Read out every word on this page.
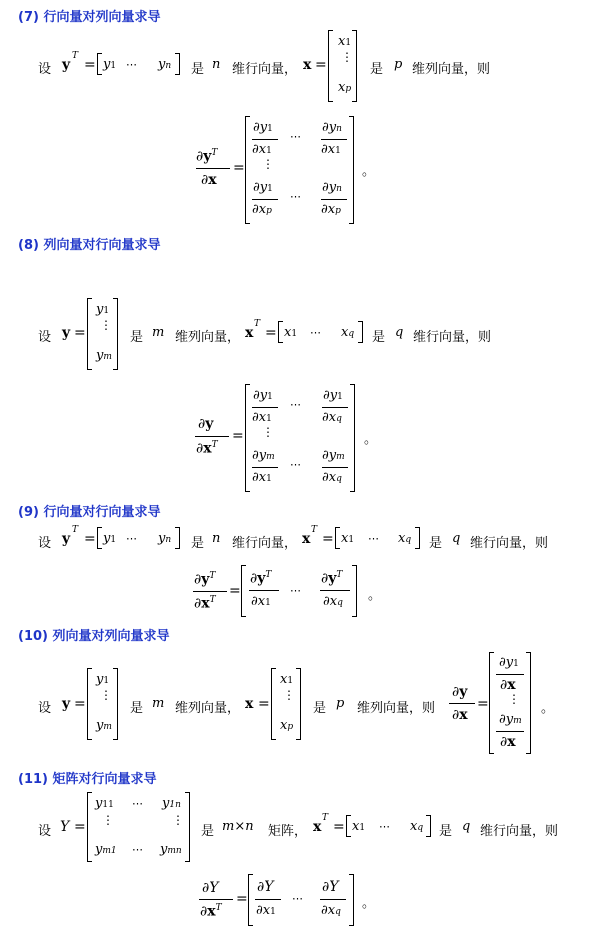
(7) 行向量对列向量求导
设 y
T
= y1 ⋯ yn 是 n 维行向量， x =
x1
⋮
xp
是 p 维列向量，则
$\partial y^T$
∂x
=
∂y1
∂x1
⋯
∂yn
∂x1
⋮
∂y1
∂xp
⋯
∂yn
∂xp
。
(8) 列向量对行向量求导
设 y =
y1
⋮
ym
是 m 维列向量， x
T
= x1 ⋯ xq 是 q 维行向量，则
∂y
$\partial x^T$
=
∂y1
∂x1
⋯
∂y1
∂xq
⋮
∂ym
∂x1
⋯
∂ym
∂xq
。
(9) 行向量对行向量求导
设 y
T
= y1 ⋯ yn 是 n 维行向量， x
T
= x1 ⋯ xq 是 q 维行向量，则
$\partial y^T$
$\partial x^T$
=
$\partial y^T$
∂x1
⋯
$\partial y^T$
∂xq 。
(10) 列向量对列向量求导
设 y =
y1
⋮
ym
是 m 维列向量， x =
x1
⋮
xp
是 p 维列向量，则
∂y
∂x
=
∂y1
∂x
⋮
∂ym
∂x
。
(11) 矩阵对行向量求导
设 Y =
y11 ⋯ y1n
⋮	⋮
ym1 ⋯ ymn
是 m×n 矩阵， x
T
= x1 ⋯ xq 是 q 维行向量，则
∂Y
$\partial x^T$
=
∂Y
∂x1
⋯
∂Y
∂xq
。
